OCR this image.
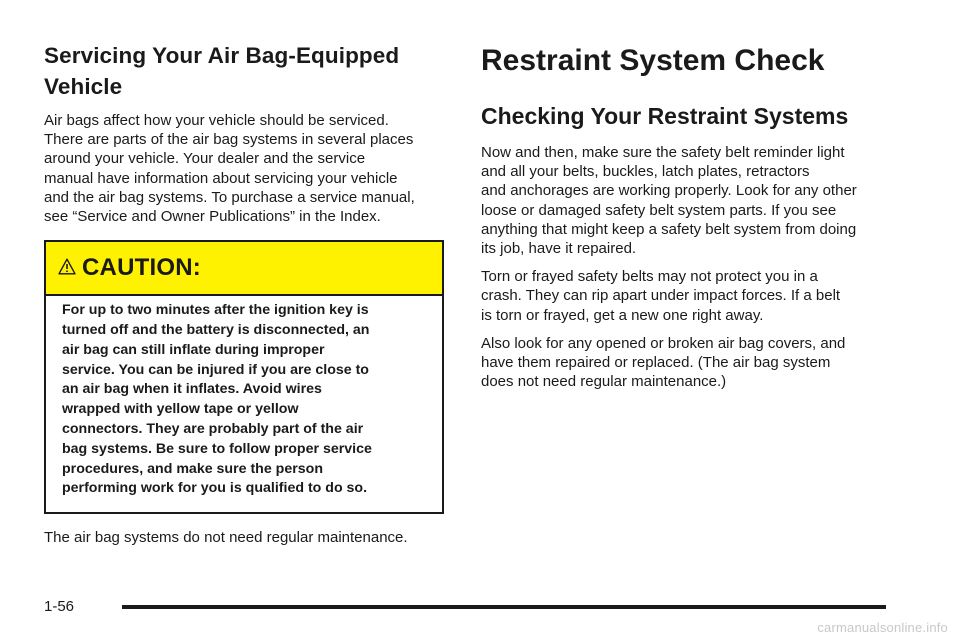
Servicing Your Air Bag-Equipped Vehicle

Air bags affect how your vehicle should be serviced.
There are parts of the air bag systems in several places
around your vehicle. Your dealer and the service
manual have information about servicing your vehicle
and the air bag systems. To purchase a service manual,
see “Service and Owner Publications” in the Index.

CAUTION:
For up to two minutes after the ignition key is
turned off and the battery is disconnected, an
air bag can still inflate during improper
service. You can be injured if you are close to
an air bag when it inflates. Avoid wires
wrapped with yellow tape or yellow
connectors. They are probably part of the air
bag systems. Be sure to follow proper service
procedures, and make sure the person
performing work for you is qualified to do so.

The air bag systems do not need regular maintenance.

Restraint System Check
Checking Your Restraint Systems

Now and then, make sure the safety belt reminder light
and all your belts, buckles, latch plates, retractors
and anchorages are working properly. Look for any other
loose or damaged safety belt system parts. If you see
anything that might keep a safety belt system from doing
its job, have it repaired.

Torn or frayed safety belts may not protect you in a
crash. They can rip apart under impact forces. If a belt
is torn or frayed, get a new one right away.

Also look for any opened or broken air bag covers, and
have them repaired or replaced. (The air bag system
does not need regular maintenance.)

1-56
carmanualsonline.info
